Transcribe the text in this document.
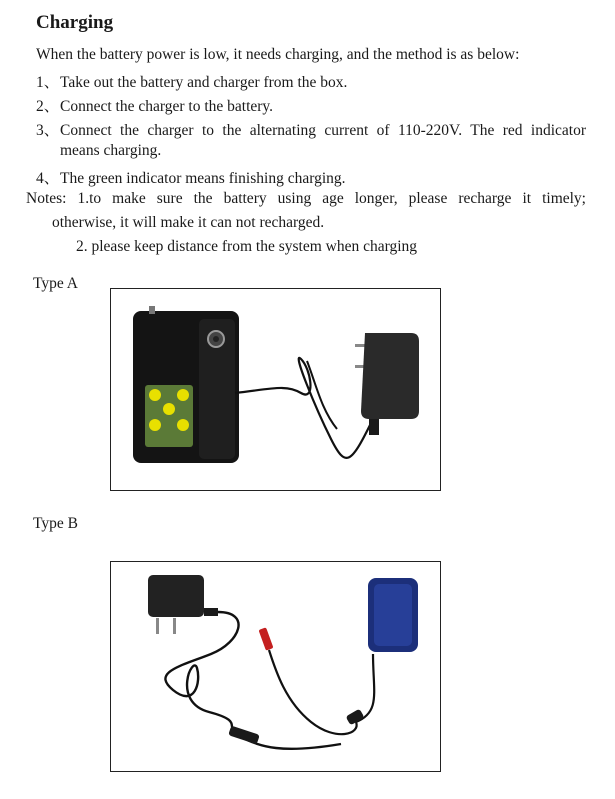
Charging
When the battery power is low, it needs charging, and the method is as below:
1、Take out the battery and charger from the box.
2、Connect the charger to the battery.
3、Connect the charger to the alternating current of 110-220V. The red indicator
means charging.
4、The green indicator means finishing charging.
Notes: 1.to make sure the battery using age longer, please recharge it timely;
otherwise, it will make it can not recharged.
2. please keep distance from the system when charging
Type A
Type B
